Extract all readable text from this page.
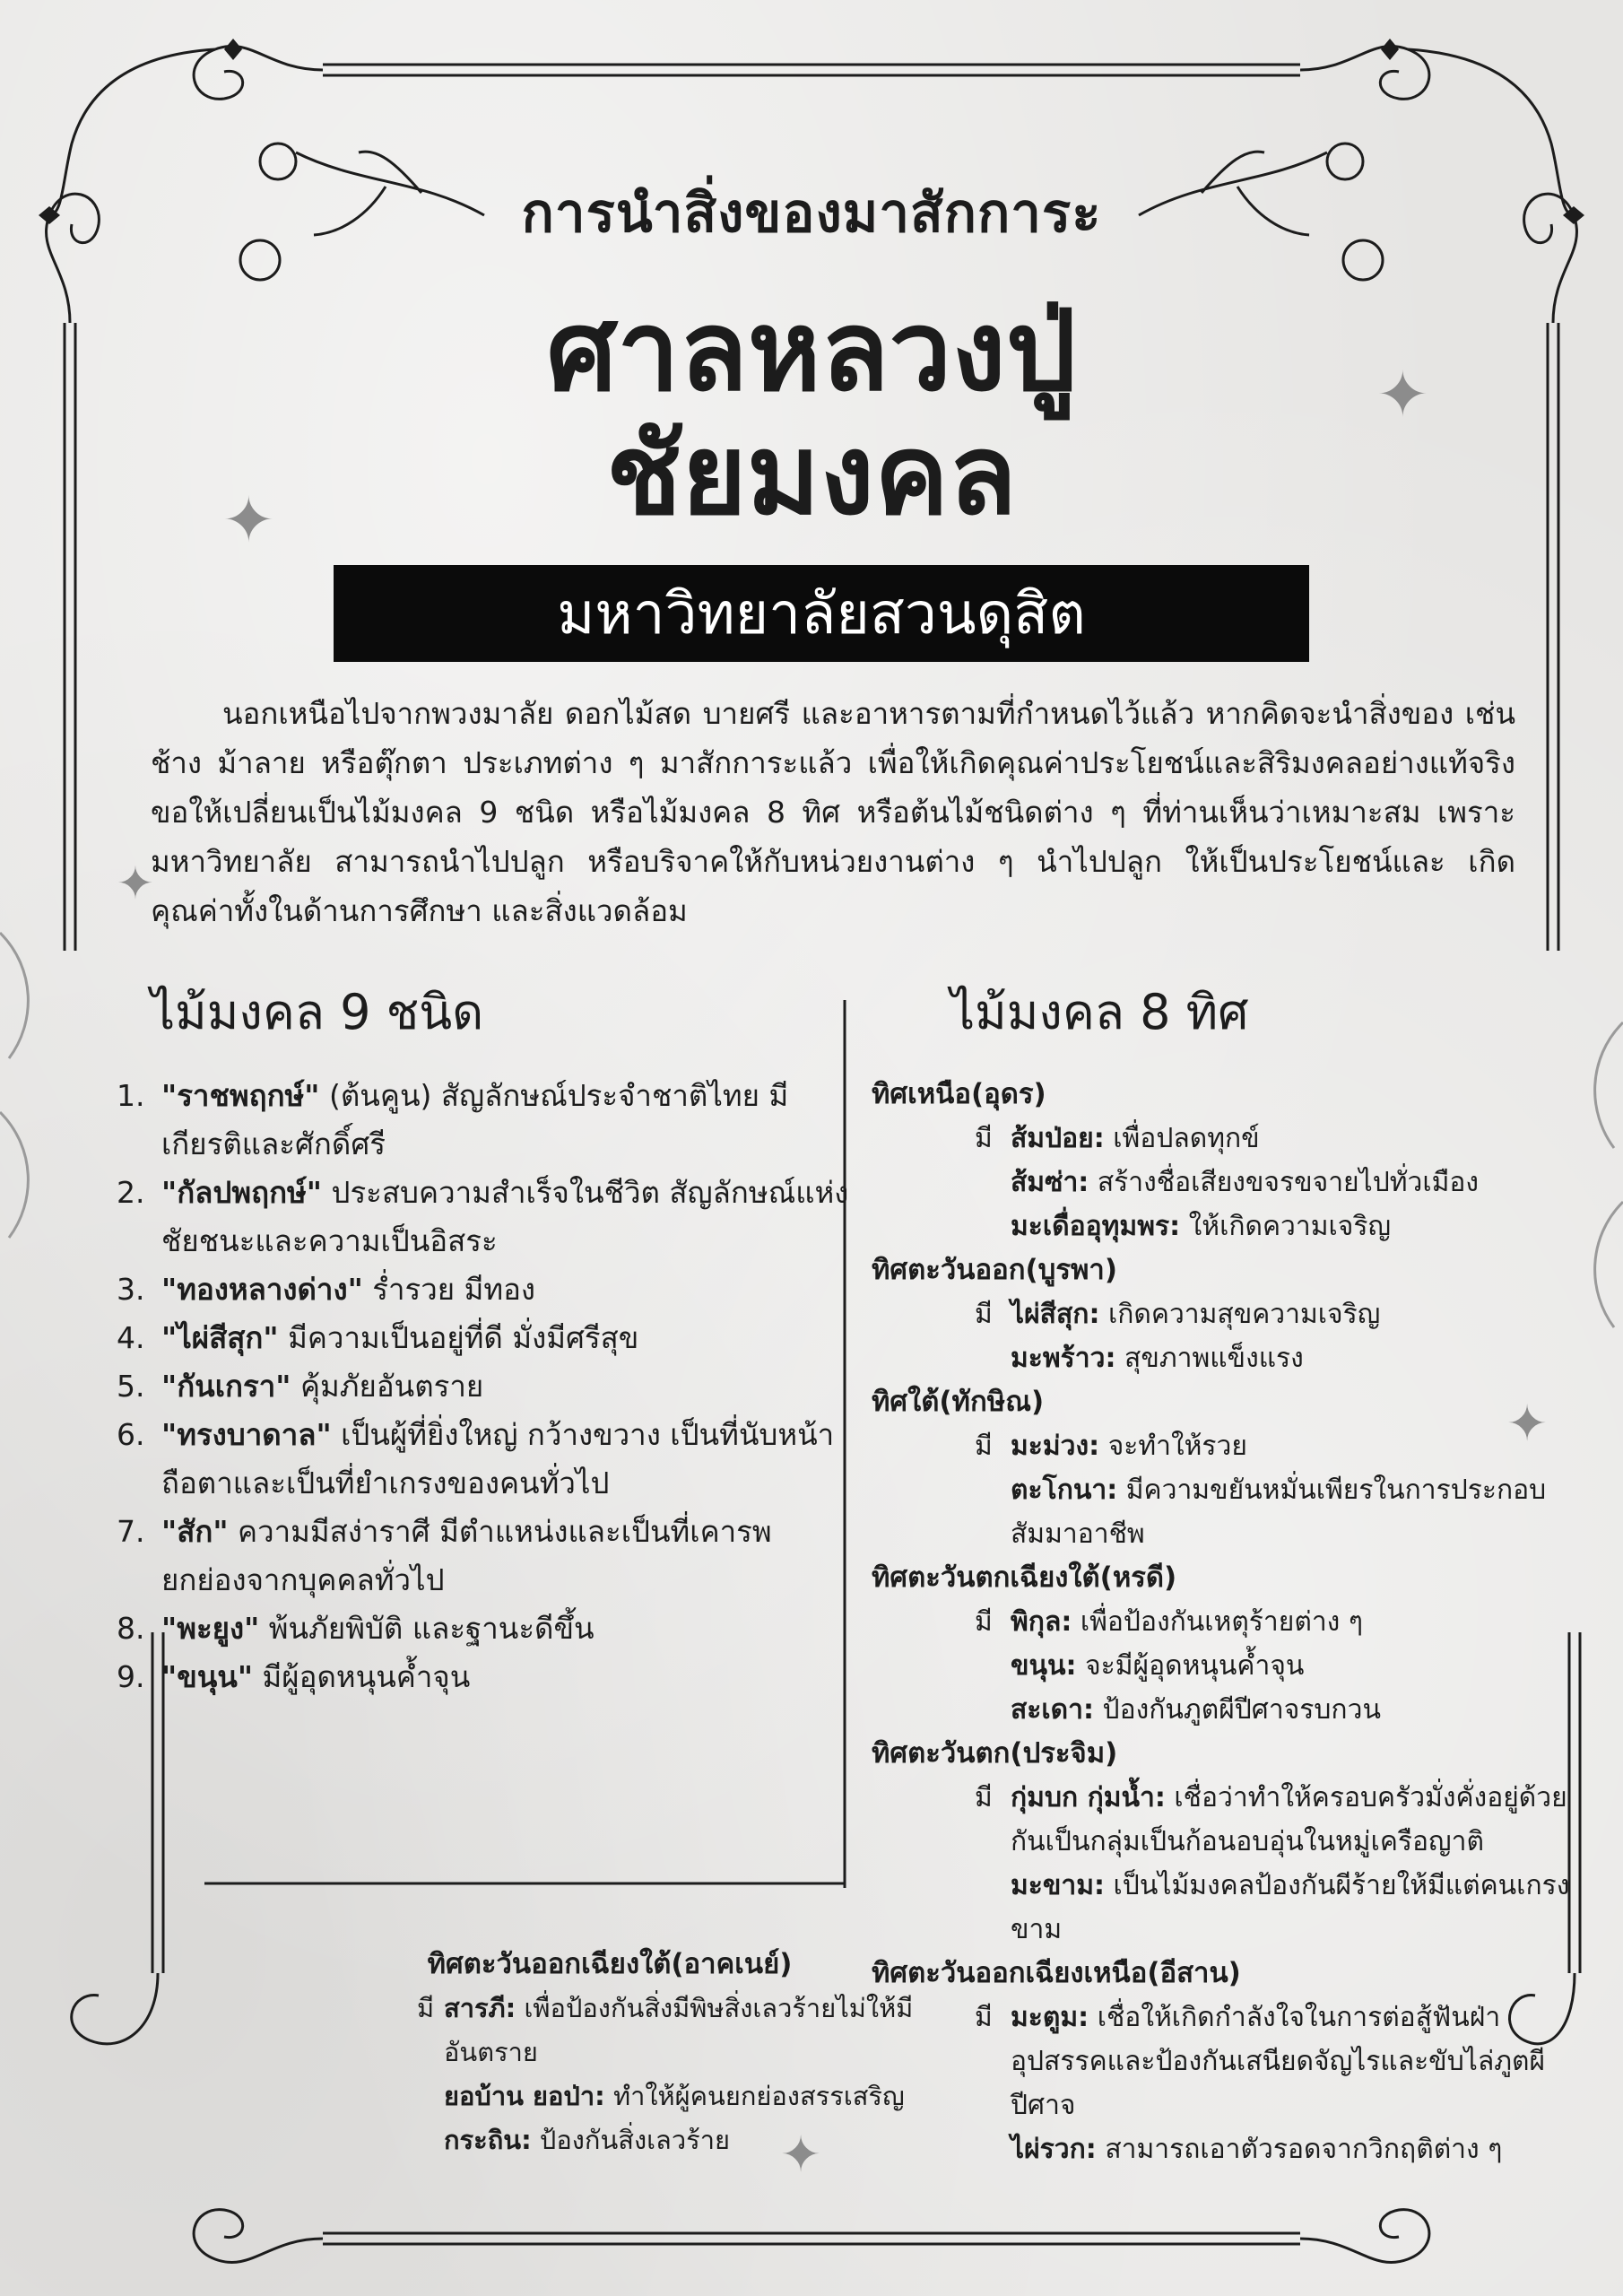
✦
✦
✦
✦
✦
การนำสิ่งของมาสักการะ
ศาลหลวงปู่
ชัยมงคล
มหาวิทยาลัยสวนดุสิต

นอกเหนือไปจากพวงมาลัย ดอกไม้สด บายศรี และอาหารตามที่กำหนดไว้แล้ว หากคิดจะนำสิ่งของ เช่น ช้าง ม้าลาย หรือตุ๊กตา ประเภทต่าง ๆ มาสักการะแล้ว เพื่อให้เกิดคุณค่าประโยชน์และสิริมงคลอย่างแท้จริง ขอให้เปลี่ยนเป็นไม้มงคล 9 ชนิด หรือไม้มงคล 8 ทิศ หรือต้นไม้ชนิดต่าง ๆ ที่ท่านเห็นว่าเหมาะสม เพราะมหาวิทยาลัย สามารถนำไปปลูก หรือบริจาคให้กับหน่วยงานต่าง ๆ นำไปปลูก ให้เป็นประโยชน์และ เกิดคุณค่าทั้งในด้านการศึกษา และสิ่งแวดล้อม

ไม้มงคล 9 ชนิด	ไม้มงคล 8 ทิศ
1. "ราชพฤกษ์" (ต้นคูน) สัญลักษณ์ประจำชาติไทย มีเกียรติและศักดิ์ศรี
2. "กัลปพฤกษ์" ประสบความสำเร็จในชีวิต สัญลักษณ์แห่งชัยชนะและความเป็นอิสระ
3. "ทองหลางด่าง" ร่ำรวย มีทอง
4. "ไผ่สีสุก" มีความเป็นอยู่ที่ดี มั่งมีศรีสุข
5. "กันเกรา" คุ้มภัยอันตราย
6. "ทรงบาดาล" เป็นผู้ที่ยิ่งใหญ่ กว้างขวาง เป็นที่นับหน้าถือตาและเป็นที่ยำเกรงของคนทั่วไป
7. "สัก" ความมีสง่าราศี มีตำแหน่งและเป็นที่เคารพยกย่องจากบุคคลทั่วไป
8. "พะยูง" พ้นภัยพิบัติ และฐานะดีขึ้น
9. "ขนุน" มีผู้อุดหนุนค้ำจุน
ทิศเหนือ(อุดร)
มี ส้มป่อย: เพื่อปลดทุกข์
ส้มซ่า: สร้างชื่อเสียงขจรขจายไปทั่วเมือง
มะเดื่ออุทุมพร: ให้เกิดความเจริญ
ทิศตะวันออก(บูรพา)
มี ไผ่สีสุก: เกิดความสุขความเจริญ
มะพร้าว: สุขภาพแข็งแรง
ทิศใต้(ทักษิณ)
มี มะม่วง: จะทำให้รวย
ตะโกนา: มีความขยันหมั่นเพียรในการประกอบสัมมาอาชีพ
ทิศตะวันตกเฉียงใต้(หรดี)
มี พิกุล: เพื่อป้องกันเหตุร้ายต่าง ๆ
ขนุน: จะมีผู้อุดหนุนค้ำจุน
สะเดา: ป้องกันภูตผีปีศาจรบกวน
ทิศตะวันตก(ประจิม)
มี กุ่มบก กุ่มน้ำ: เชื่อว่าทำให้ครอบครัวมั่งคั่งอยู่ด้วยกันเป็นกลุ่มเป็นก้อนอบอุ่นในหมู่เครือญาติ
มะขาม: เป็นไม้มงคลป้องกันผีร้ายให้มีแต่คนเกรงขาม
ทิศตะวันออกเฉียงเหนือ(อีสาน)
มี มะตูม: เชื่อให้เกิดกำลังใจในการต่อสู้ฟันฝ่าอุปสรรคและป้องกันเสนียดจัญไรและขับไล่ภูตผีปีศาจ
ไผ่รวก: สามารถเอาตัวรอดจากวิกฤติต่าง ๆ
ทิศตะวันออกเฉียงใต้(อาคเนย์)
มี สารภี: เพื่อป้องกันสิ่งมีพิษสิ่งเลวร้ายไม่ให้มีอันตราย
ยอบ้าน ยอป่า: ทำให้ผู้คนยกย่องสรรเสริญ
กระถิน: ป้องกันสิ่งเลวร้าย
